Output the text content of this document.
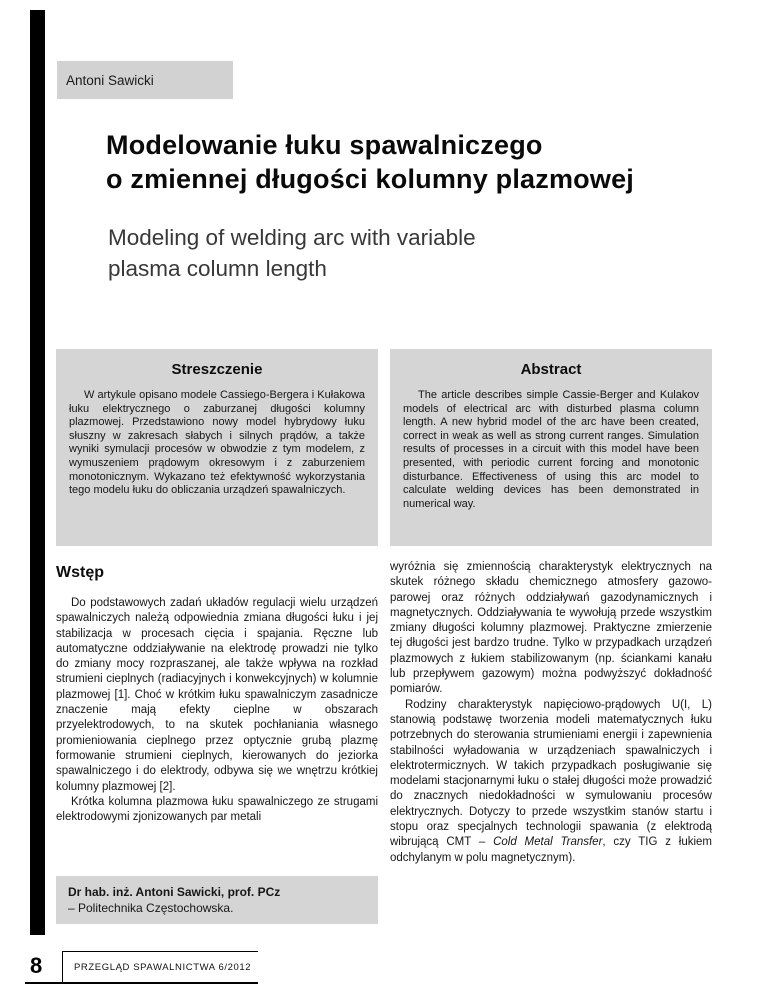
Antoni Sawicki
Modelowanie łuku spawalniczego
o zmiennej długości kolumny plazmowej
Modeling of welding arc with variable
plasma column length
Streszczenie

W artykule opisano modele Cassiego-Bergera i Kułakowa łuku elektrycznego o zaburzanej długości kolumny plazmowej. Przedstawiono nowy model hybrydowy łuku słuszny w zakresach słabych i silnych prądów, a także wyniki symulacji procesów w obwodzie z tym modelem, z wymuszeniem prądowym okresowym i z zaburzeniem monotonicznym. Wykazano też efektywność wykorzystania tego modelu łuku do obliczania urządzeń spawalniczych.

Abstract

The article describes simple Cassie-Berger and Kulakov models of electrical arc with disturbed plasma column length. A new hybrid model of the arc have been created, correct in weak as well as strong current ranges. Simulation results of processes in a circuit with this model have been presented, with periodic current forcing and monotonic disturbance. Effectiveness of using this arc model to calculate welding devices has been demonstrated in numerical way.

Wstęp

Do podstawowych zadań układów regulacji wielu urządzeń spawalniczych należą odpowiednia zmiana długości łuku i jej stabilizacja w procesach cięcia i spajania. Ręczne lub automatyczne oddziaływanie na elektrodę prowadzi nie tylko do zmiany mocy rozpraszanej, ale także wpływa na rozkład strumieni cieplnych (radiacyjnych i konwekcyjnych) w kolumnie plazmowej [1]. Choć w krótkim łuku spawalniczym zasadnicze znaczenie mają efekty cieplne w obszarach przyelektrodowych, to na skutek pochłaniania własnego promieniowania cieplnego przez optycznie grubą plazmę formowanie strumieni cieplnych, kierowanych do jeziorka spawalniczego i do elektrody, odbywa się we wnętrzu krótkiej kolumny plazmowej [2].

Krótka kolumna plazmowa łuku spawalniczego ze strugami elektrodowymi zjonizowanych par metali

wyróżnia się zmiennością charakterystyk elektrycznych na skutek różnego składu chemicznego atmosfery gazowo-parowej oraz różnych oddziaływań gazodynamicznych i magnetycznych. Oddziaływania te wywołują przede wszystkim zmiany długości kolumny plazmowej. Praktyczne zmierzenie tej długości jest bardzo trudne. Tylko w przypadkach urządzeń plazmowych z łukiem stabilizowanym (np. ściankami kanału lub przepływem gazowym) można podwyższyć dokładność pomiarów.

Rodziny charakterystyk napięciowo-prądowych U(I, L) stanowią podstawę tworzenia modeli matematycznych łuku potrzebnych do sterowania strumieniami energii i zapewnienia stabilności wyładowania w urządzeniach spawalniczych i elektrotermicznych. W takich przypadkach posługiwanie się modelami stacjonarnymi łuku o stałej długości może prowadzić do znacznych niedokładności w symulowaniu procesów elektrycznych. Dotyczy to przede wszystkim stanów startu i stopu oraz specjalnych technologii spawania (z elektrodą wibrującą CMT – Cold Metal Transfer, czy TIG z łukiem odchylanym w polu magnetycznym).

Dr hab. inż. Antoni Sawicki, prof. PCz
– Politechnika Częstochowska.
8	PRZEGLĄD SPAWALNICTWA 6/2012
